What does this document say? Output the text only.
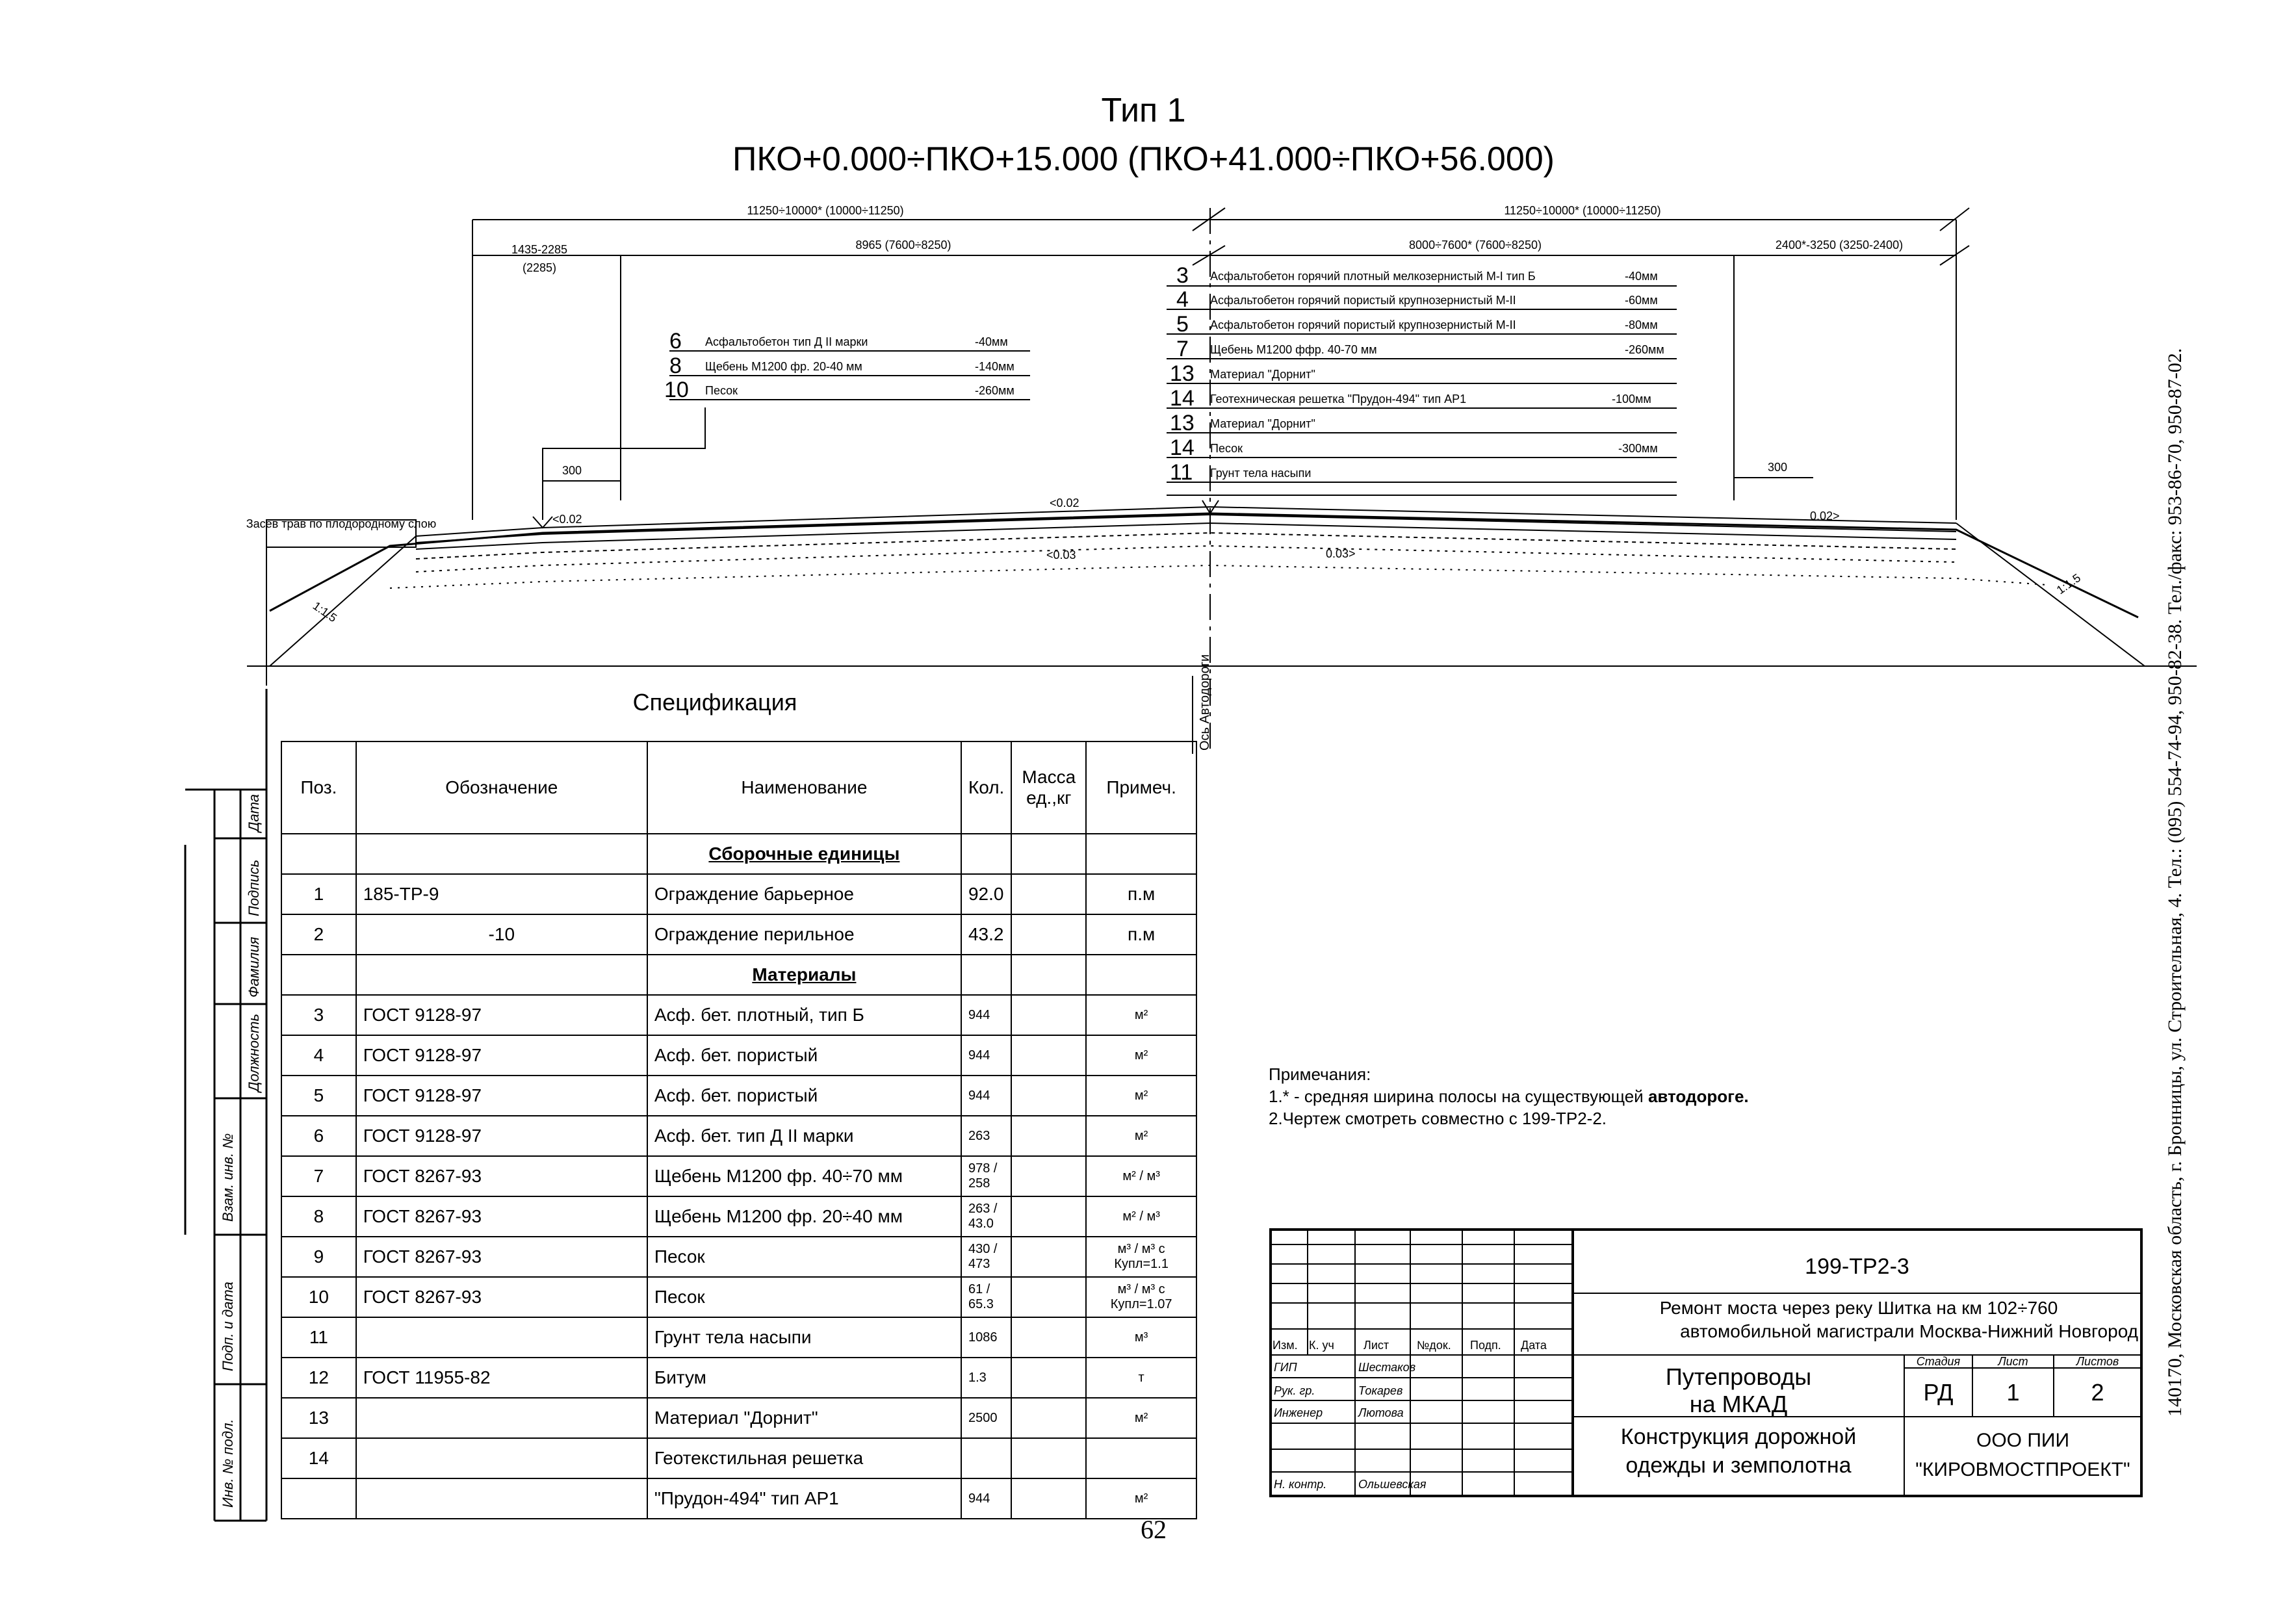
Тип 1
ПКО+0.000÷ПКО+15.000 (ПКО+41.000÷ПКО+56.000)
11250÷10000* (10000÷11250)	11250÷10000* (10000÷11250)
1435-2285
(2285)
8965 (7600÷8250)	8000÷7600* (7600÷8250)	2400*-3250 (3250-2400)
300	300
<0.02
<0.02
0.02>
<0.03	0.03>
1:1.5
1:1.5
Засев трав по плодородному слою
Ось Автодороги
6 Асфальтобетон тип Д II марки	-40мм
8 Щебень М1200 фр. 20-40 мм	-140мм
10 Песок	-260мм
3 Асфальтобетон горячий плотный мелкозернистый М-I тип Б	-40мм
4 Асфальтобетон горячий пористый крупнозернистый М-II	-60мм
5 Асфальтобетон горячий пористый крупнозернистый М-II	-80мм
7 Щебень М1200 ффр. 40-70 мм	-260мм
13 Материал "Дорнит"
14 Геотехническая решетка "Прудон-494" тип АР1	-100мм
13 Материал "Дорнит"
14 Песок	-300мм
11 Грунт тела насыпи
Дата
Подпись
Фамилия
Должность
Взам. инв. №
Подп. и дата
Инв. № подл.
Спецификация
Поз.	Обозначение	Наименование	Кол.	Масса ед.,кг	Примеч.
		Сборочные единицы			
1	185-ТР-9	Ограждение барьерное	92.0		п.м
2	-10	Ограждение перильное	43.2		п.м
		Материалы			
3	ГОСТ 9128-97	Асф. бет. плотный, тип Б	944		м²
4	ГОСТ 9128-97	Асф. бет. пористый	944		м²
5	ГОСТ 9128-97	Асф. бет. пористый	944		м²
6	ГОСТ 9128-97	Асф. бет. тип Д II марки	263		м²
7	ГОСТ 8267-93	Щебень М1200 фр. 40÷70 мм	978 / 258		м² / м³
8	ГОСТ 8267-93	Щебень М1200 фр. 20÷40 мм	263 / 43.0		м² / м³
9	ГОСТ 8267-93	Песок	430 / 473		м³ / м³ с Купл=1.1
10	ГОСТ 8267-93	Песок	61 / 65.3		м³ / м³ с Купл=1.07
11		Грунт тела насыпи	1086		м³
12	ГОСТ 11955-82	Битум	1.3		т
13		Материал "Дорнит"	2500		м²
14		Геотекстильная решетка			
		"Прудон-494" тип АР1	944		м²
Примечания:
1.* - средняя ширина полосы на существующей автодороге.
2.Чертеж смотреть совместно с 199-ТР2-2.
199-ТР2-3
Ремонт моста через реку Шитка на км 102÷760
автомобильной магистрали Москва-Нижний Новгород
Путепроводы
на МКАД
Конструкция дорожной
одежды и земполотна
Стадия	Лист	Листов
РД	1	2
ООО ПИИ
"КИРОВМОСТПРОЕКТ"
Изм. К. уч	Лист №док. Подп. Дата
ГИП	Шестаков
Рук. гр.	Токарев
Инженер	Лютова
Н. контр.	Ольшевская
62
140170, Московская область, г. Бронницы, ул. Строительная, 4. Тел.: (095) 554-74-94, 950-82-38. Тел./факс: 953-86-70, 950-87-02.
